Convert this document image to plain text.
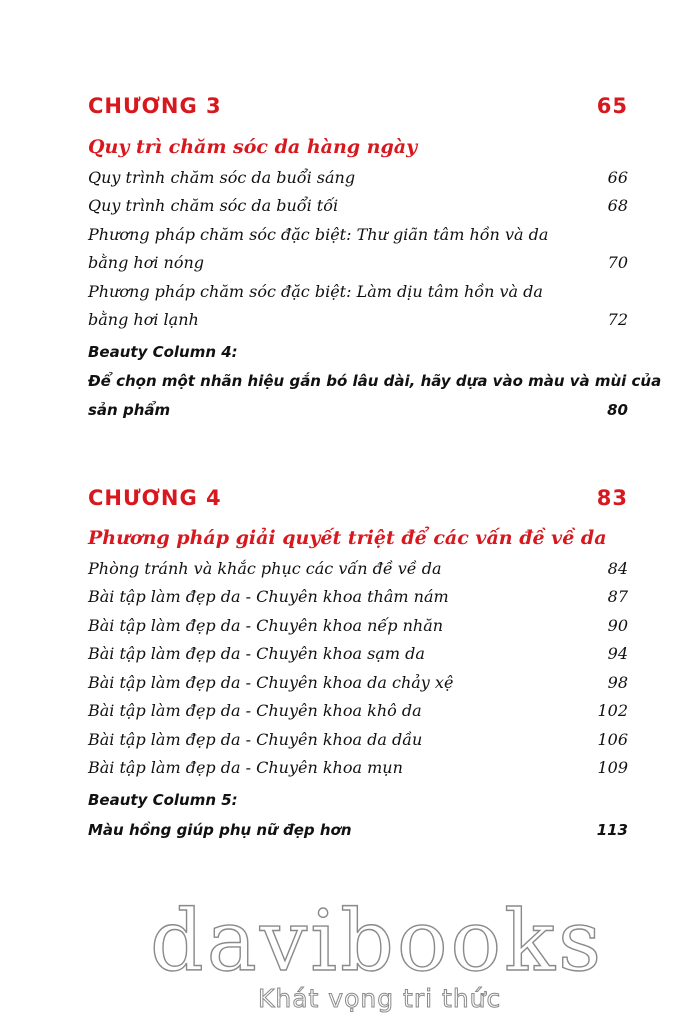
CHƯƠNG 3	65
Quy trì chăm sóc da hàng ngày
Quy trình chăm sóc da buổi sáng	66
Quy trình chăm sóc da buổi tối	68
Phương pháp chăm sóc đặc biệt: Thư giãn tâm hồn và da
bằng hơi nóng	70
Phương pháp chăm sóc đặc biệt: Làm dịu tâm hồn và da
bằng hơi lạnh	72
Beauty Column 4:
Để chọn một nhãn hiệu gắn bó lâu dài, hãy dựa vào màu và mùi của
sản phẩm	80
CHƯƠNG 4	83
Phương pháp giải quyết triệt để các vấn đề về da
Phòng tránh và khắc phục các vấn đề về da	84
Bài tập làm đẹp da - Chuyên khoa thâm nám	87
Bài tập làm đẹp da - Chuyên khoa nếp nhăn	90
Bài tập làm đẹp da - Chuyên khoa sạm da	94
Bài tập làm đẹp da - Chuyên khoa da chảy xệ	98
Bài tập làm đẹp da - Chuyên khoa khô da	102
Bài tập làm đẹp da - Chuyên khoa da dầu	106
Bài tập làm đẹp da - Chuyên khoa mụn	109
Beauty Column 5:
Màu hồng giúp phụ nữ đẹp hơn	113
davibooks
Khát vọng tri thức
